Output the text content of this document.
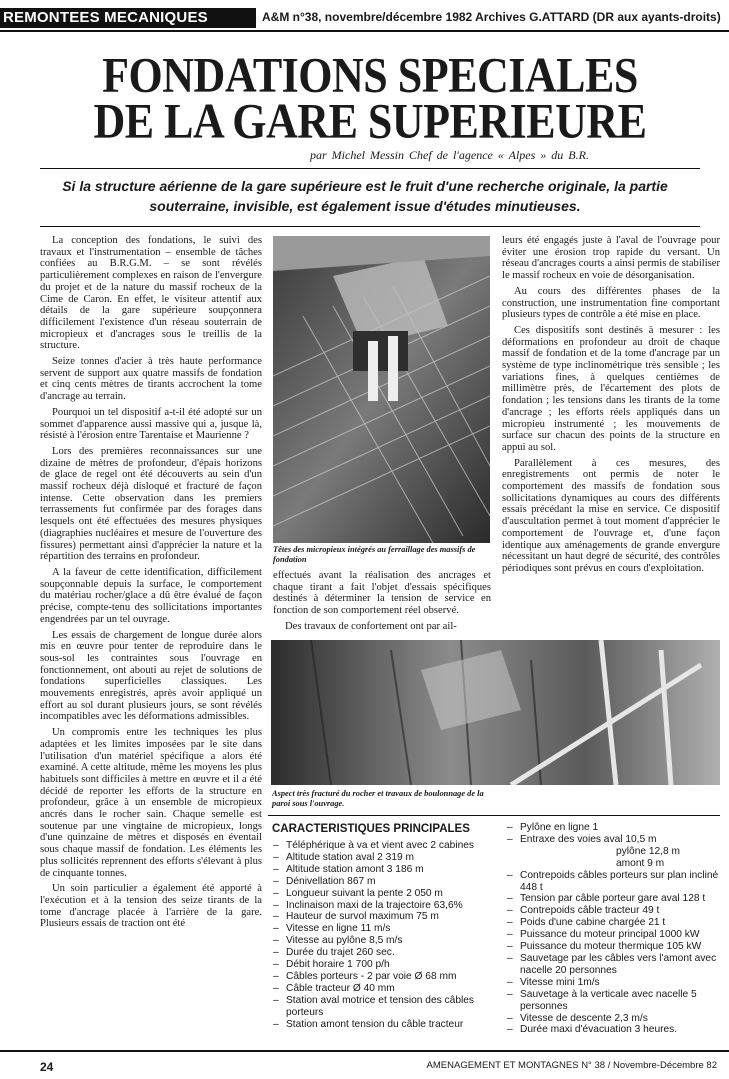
REMONTEES MECANIQUES	A&M n°38, novembre/décembre 1982 Archives G.ATTARD (DR aux ayants-droits)
FONDATIONS SPECIALES
DE LA GARE SUPERIEURE
par Michel Messin Chef de l'agence « Alpes » du B.R.
Si la structure aérienne de la gare supérieure est le fruit d'une recherche originale, la partie souterraine, invisible, est également issue d'études minutieuses.

La conception des fondations, le suivi des travaux et l'instrumentation – ensemble de tâches confiées au B.R.G.M. – se sont révélés particulièrement complexes en raison de l'envergure du projet et de la nature du massif rocheux de la Cime de Caron. En effet, le visiteur attentif aux détails de la gare supérieure soupçonnera difficilement l'existence d'un réseau souterrain de micropieux et d'ancrages sous le treillis de la structure.

Seize tonnes d'acier à très haute performance servent de support aux quatre massifs de fondation et cinq cents mètres de tirants accrochent la tome d'ancrage au terrain.

Pourquoi un tel dispositif a-t-il été adopté sur un sommet d'apparence aussi massive qui a, jusque là, résisté à l'érosion entre Tarentaise et Maurienne ?

Lors des premières reconnaissances sur une dizaine de mètres de profondeur, d'épais horizons de glace de regel ont été découverts au sein d'un massif rocheux déjà disloqué et fracturé de façon intense. Cette observation dans les premiers terrassements fut confirmée par des forages dans lesquels ont été effectuées des mesures physiques (diagraphies nucléaires et mesure de l'ouverture des fissures) permettant ainsi d'apprécier la nature et la répartition des terrains en profondeur.

A la faveur de cette identification, difficilement soupçonnable depuis la surface, le comportement du matériau rocher/glace a dû être évalué de façon précise, compte-tenu des sollicitations importantes engendrées par un tel ouvrage.

Les essais de chargement de longue durée alors mis en œuvre pour tenter de reproduire dans le sous-sol les contraintes sous l'ouvrage en fonctionnement, ont abouti au rejet de solutions de fondations superficielles classiques. Les mouvements enregistrés, après avoir appliqué un effort au sol durant plusieurs jours, se sont révélés incompatibles avec les déformations admissibles.

Un compromis entre les techniques les plus adaptées et les limites imposées par le site dans l'utilisation d'un matériel spécifique a alors été examiné. A cette altitude, même les moyens les plus habituels sont difficiles à mettre en œuvre et il a été décidé de reporter les efforts de la structure en profondeur, grâce à un ensemble de micropieux ancrés dans le rocher sain. Chaque semelle est soutenue par une vingtaine de micropieux, longs d'une quinzaine de mètres et disposés en éventail sous chaque massif de fondation. Les éléments les plus sollicités reprennent des efforts s'élevant à plus de cinquante tonnes.

Un soin particulier a également été apporté à l'exécution et à la tension des seize tirants de la tome d'ancrage placée à l'arrière de la gare. Plusieurs essais de traction ont été

Têtes des micropieux intégrés au ferraillage des massifs de fondation

effectués avant la réalisation des ancrages et chaque tirant a fait l'objet d'essais spécifiques destinés à déterminer la tension de service en fonction de son comportement réel observé.

Des travaux de confortement ont par ail-

leurs été engagés juste à l'aval de l'ouvrage pour éviter une érosion trop rapide du versant. Un réseau d'ancrages courts a ainsi permis de stabiliser le massif rocheux en voie de désorganisation.

Au cours des différentes phases de la construction, une instrumentation fine comportant plusieurs types de contrôle a été mise en place.

Ces dispositifs sont destinés à mesurer : les déformations en profondeur au droit de chaque massif de fondation et de la tome d'ancrage par un système de type inclinométrique très sensible ; les variations fines, à quelques centièmes de millimètre près, de l'écartement des plots de fondation ; les tensions dans les tirants de la tome d'ancrage ; les efforts réels appliqués dans un micropieu instrumenté ; les mouvements de surface sur chacun des points de la structure en appui au sol.

Parallèlement à ces mesures, des enregistrements ont permis de noter le comportement des massifs de fondation sous sollicitations dynamiques au cours des différents essais précédant la mise en service. Ce dispositif d'auscultation permet à tout moment d'apprécier le comportement de l'ouvrage et, d'une façon identique aux aménagements de grande envergure nécessitant un haut degré de sécurité, des contrôles périodiques sont prévus en cours d'exploitation.

Aspect très fracturé du rocher et travaux de boulonnage de la paroi sous l'ouvrage.
CARACTERISTIQUES PRINCIPALES
– Téléphérique à va et vient avec 2 cabines
– Altitude station aval 2 319 m
– Altitude station amont 3 186 m
– Dénivellation 867 m
– Longueur suivant la pente 2 050 m
– Inclinaison maxi de la trajectoire 63,6%
– Hauteur de survol maximum 75 m
– Vitesse en ligne 11 m/s
– Vitesse au pylône 8,5 m/s
– Durée du trajet 260 sec.
– Débit horaire 1 700 p/h
– Câbles porteurs - 2 par voie Ø 68 mm
– Câble tracteur Ø 40 mm
– Station aval motrice et tension des câbles porteurs
– Station amont tension du câble tracteur
– Pylône en ligne 1
– Entraxe des voies aval 10,5 m
pylône 12,8 m
amont 9 m
– Contrepoids câbles porteurs sur plan incliné 448 t
– Tension par câble porteur gare aval 128 t
– Contrepoids câble tracteur 49 t
– Poids d'une cabine chargée 21 t
– Puissance du moteur principal 1000 kW
– Puissance du moteur thermique 105 kW
– Sauvetage par les câbles vers l'amont avec nacelle 20 personnes
– Vitesse mini 1m/s
– Sauvetage à la verticale avec nacelle 5 personnes
– Vitesse de descente 2,3 m/s
– Durée maxi d'évacuation 3 heures.
24	AMENAGEMENT ET MONTAGNES N° 38 / Novembre-Décembre 82
